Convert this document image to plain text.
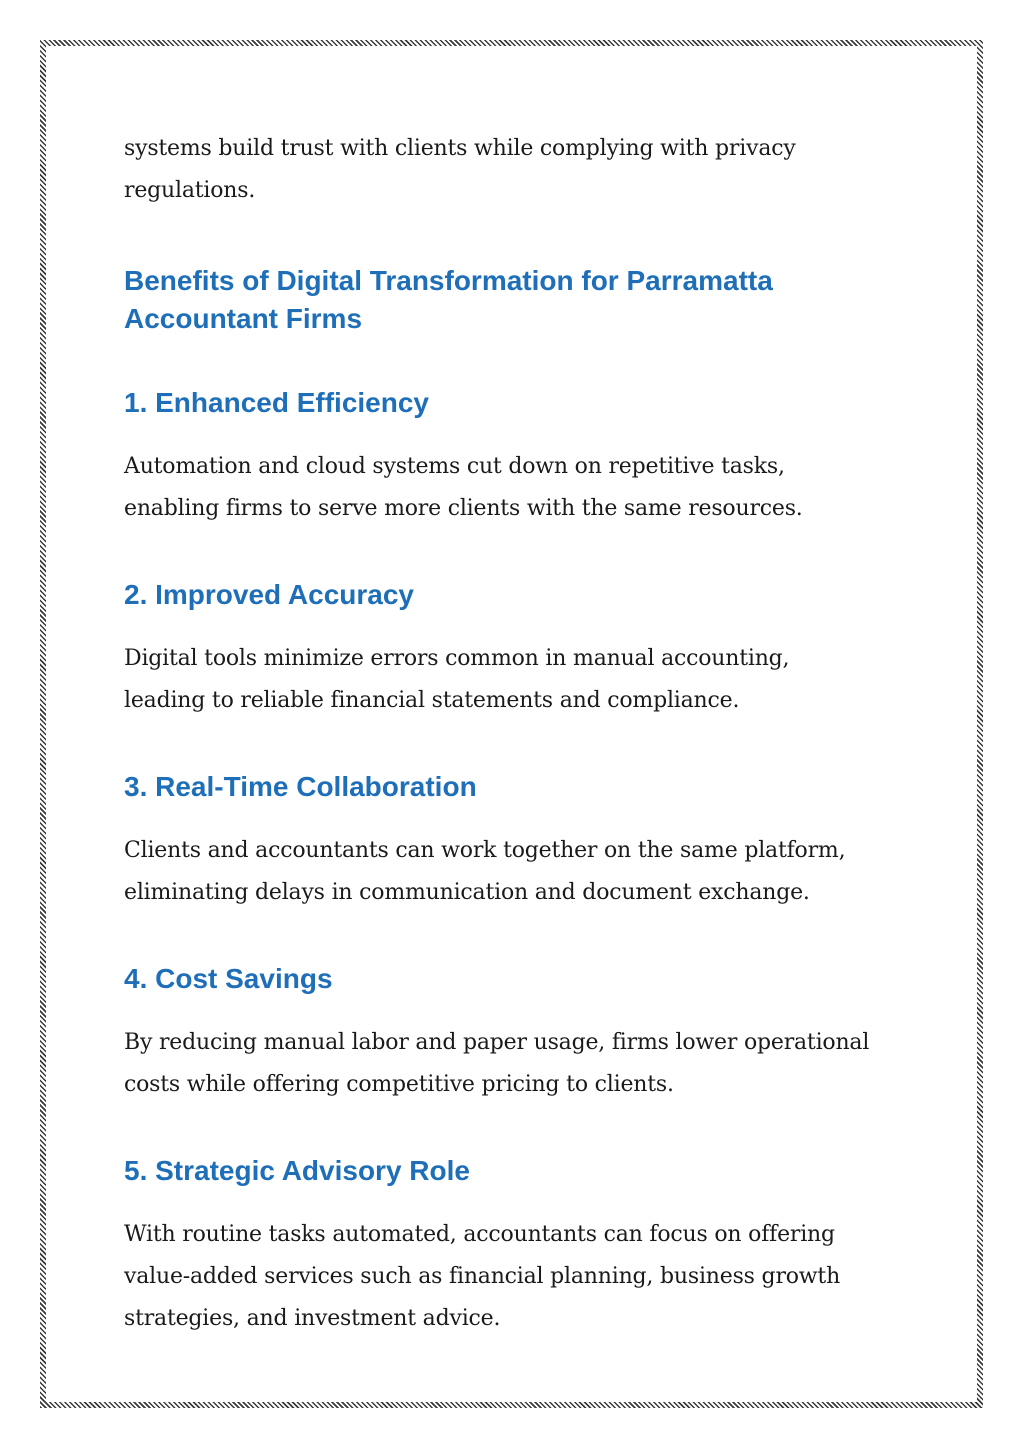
systems build trust with clients while complying with privacy regulations.

Benefits of Digital Transformation for Parramatta Accountant Firms
1. Enhanced Efficiency

Automation and cloud systems cut down on repetitive tasks, enabling firms to serve more clients with the same resources.

2. Improved Accuracy

Digital tools minimize errors common in manual accounting, leading to reliable financial statements and compliance.

3. Real-Time Collaboration

Clients and accountants can work together on the same platform, eliminating delays in communication and document exchange.

4. Cost Savings

By reducing manual labor and paper usage, firms lower operational costs while offering competitive pricing to clients.

5. Strategic Advisory Role

With routine tasks automated, accountants can focus on offering value-added services such as financial planning, business growth strategies, and investment advice.
